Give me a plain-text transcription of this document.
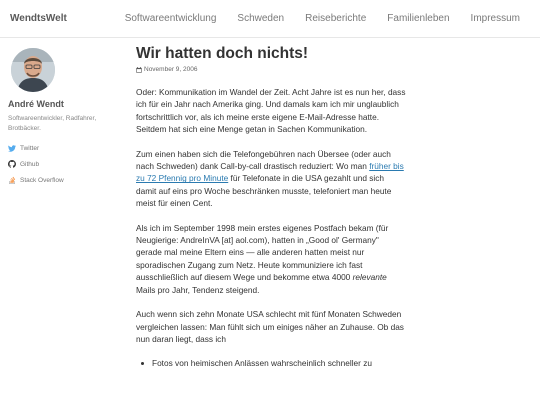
WendtsWelt	Softwareentwicklung Schweden Reiseberichte Familienleben Impressum
André Wendt
Softwareentwickler, Radfahrer, Brotbäcker.
Twitter
Github
Stack Overflow
Wir hatten doch nichts!
November 9, 2006

Oder: Kommunikation im Wandel der Zeit. Acht Jahre ist es nun her, dass ich für ein Jahr nach Amerika ging. Und damals kam ich mir unglaublich fortschrittlich vor, als ich meine erste eigene E-Mail-Adresse hatte. Seitdem hat sich eine Menge getan in Sachen Kommunikation.

Zum einen haben sich die Telefongebühren nach Übersee (oder auch nach Schweden) dank Call-by-call drastisch reduziert: Wo man früher bis zu 72 Pfennig pro Minute für Telefonate in die USA gezahlt und sich damit auf eins pro Woche beschränken musste, telefoniert man heute meist für einen Cent.

Als ich im September 1998 mein erstes eigenes Postfach bekam (für Neugierige: AndreInVA [at] aol.com), hatten in „Good ol' Germany" gerade mal meine Eltern eins — alle anderen hatten meist nur sporadischen Zugang zum Netz. Heute kommuniziere ich fast ausschließlich auf diesem Wege und bekomme etwa 4000 relevante Mails pro Jahr, Tendenz steigend.

Auch wenn sich zehn Monate USA schlecht mit fünf Monaten Schweden vergleichen lassen: Man fühlt sich um einiges näher an Zuhause. Ob das nun daran liegt, dass ich

Fotos von heimischen Anlässen wahrscheinlich schneller zu
